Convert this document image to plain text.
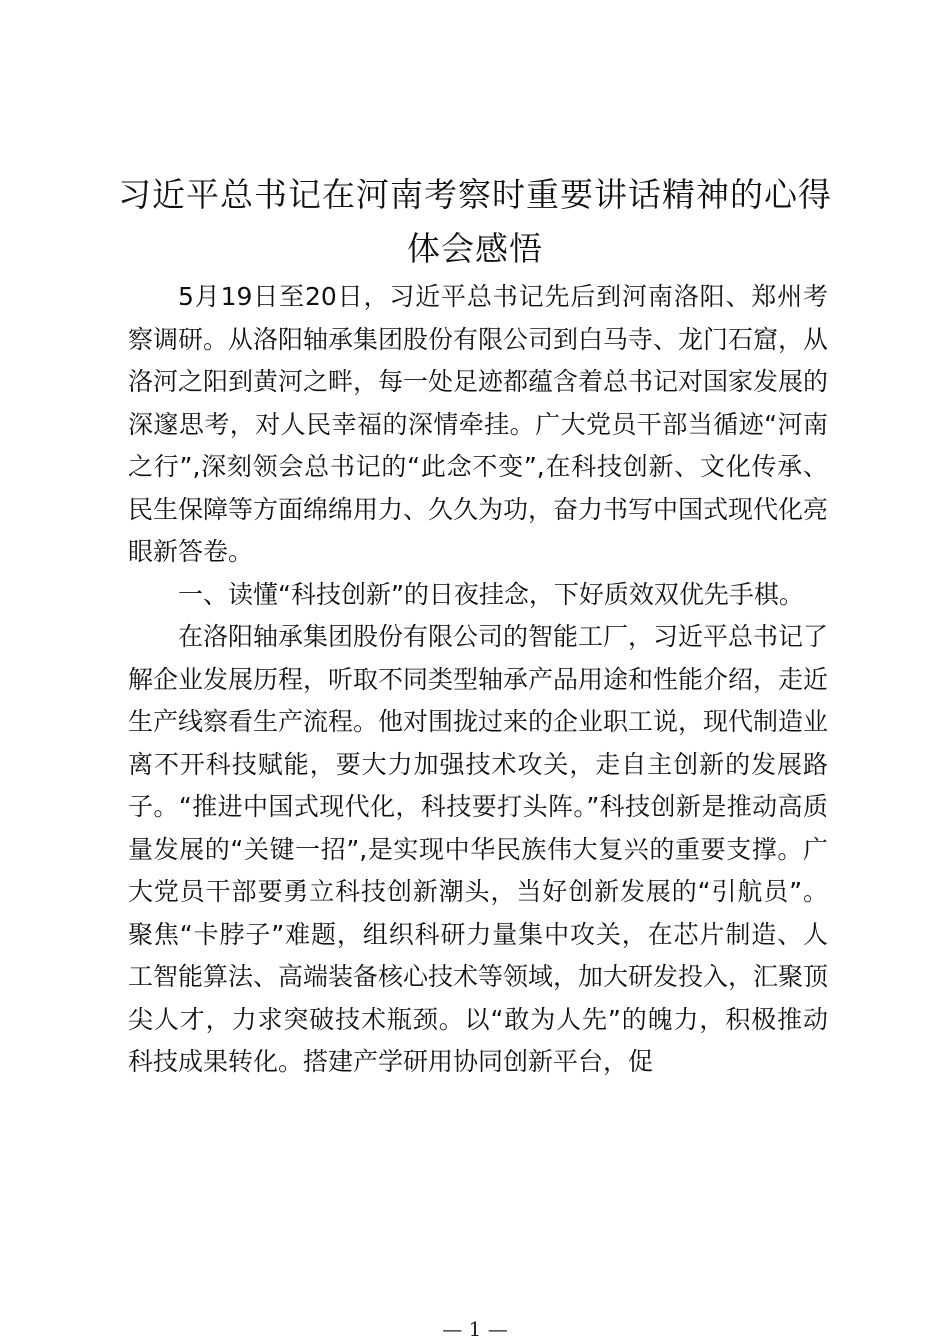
习近平总书记在河南考察时重要讲话精神的心得体会感悟

5月19日至20日，习近平总书记先后到河南洛阳、郑州考察调研。从洛阳轴承集团股份有限公司到白马寺、龙门石窟，从洛河之阳到黄河之畔，每一处足迹都蕴含着总书记对国家发展的深邃思考，对人民幸福的深情牵挂。广大党员干部当循迹“河南之行”,深刻领会总书记的“此念不变”,在科技创新、文化传承、民生保障等方面绵绵用力、久久为功，奋力书写中国式现代化亮眼新答卷。

一、读懂“科技创新”的日夜挂念，下好质效双优先手棋。

在洛阳轴承集团股份有限公司的智能工厂，习近平总书记了解企业发展历程，听取不同类型轴承产品用途和性能介绍，走近生产线察看生产流程。他对围拢过来的企业职工说，现代制造业离不开科技赋能，要大力加强技术攻关，走自主创新的发展路子。“推进中国式现代化，科技要打头阵。”科技创新是推动高质量发展的“关键一招”,是实现中华民族伟大复兴的重要支撑。广大党员干部要勇立科技创新潮头，当好创新发展的“引航员”。聚焦“卡脖子”难题，组织科研力量集中攻关，在芯片制造、人工智能算法、高端装备核心技术等领域，加大研发投入，汇聚顶尖人才，力求突破技术瓶颈。以“敢为人先”的魄力，积极推动科技成果转化。搭建产学研用协同创新平台，促

— 1 —
